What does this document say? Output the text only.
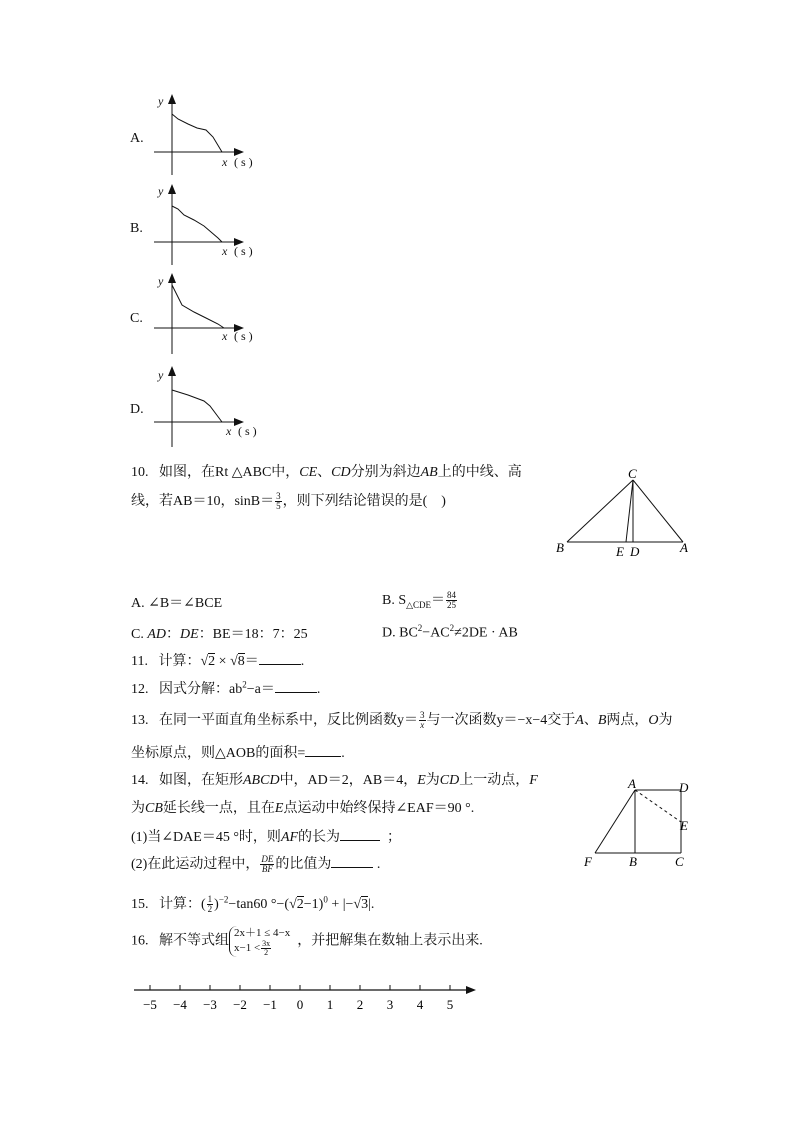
A.
y
x ( s )
B.
y
x ( s )
C.
y
x ( s )
D.
y
x ( s )
10. 如图，在Rt △ABC中，CE、CD分别为斜边AB上的中线、高
线，若AB＝10，$\sin B= \frac{3}{5}$ ，则下列结论错误的是(　)
C
B	E D	A
A. ∠B＝∠BCE	B. $S_{\triangle CDE}= \frac{84}{25}$
C. AD：DE：BE＝18：7：25	D. $BC^2-AC^2\ne 2DE$ · AB
11. 计算：√2 × √8＝	.
12. 因式分解：$ab^2-a=$	.
13. 在同一平面直角坐标系中，反比例函数$y= \frac{3}{x}$ 与一次函数y＝−x−4交于A、B两点，O为
坐标原点，则△AOB的面积=	.
14. 如图，在矩形ABCD中，AD＝2，AB＝4，E为CD上一动点，F
为CB延长线一点，且在E点运动中始终保持∠EAF＝90 °.
(1)当∠DAE＝45 °时，则AF的长为	；
(2)在此运动过程中， $\frac{DE}{BF}$ 的比值为	.
A	D
E
F	B	C
15. 计算：( $\frac{1}{2} )^{-2}-\tan 60$ $^\circ-(√2-1)^0 + |-√3|$.
16. 解不等式组
2x＋1 ≤ 4−x
$x-1 < \frac{3x}{2}$ ，并把解集在数轴上表示出来.
−5 −4 −3 −2 −1 0 1 2 3 4 5
